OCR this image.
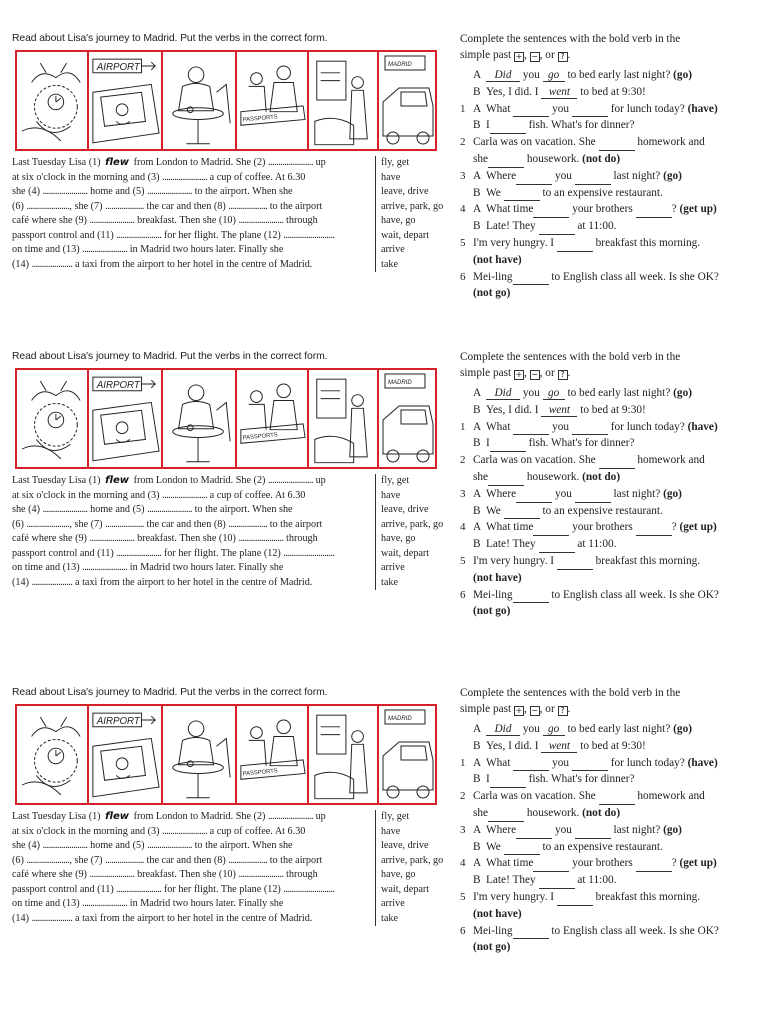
Read about Lisa's journey to Madrid. Put the verbs in the correct form.
AIRPORT
PASSPORTS
MADRID
Last Tuesday Lisa (1)
flew
from London to Madrid. She (2)
......................
up
at six o'clock in the morning and (3)
......................
a cup of coffee. At 6.30
she (4)
......................
home and (5)
......................
to the airport. When she
(6)
..................... , she (7)
...................
the car and then (8)
...................
to the airport
café where she (9)
......................
breakfast. Then she (10)
......................
through
passport control and (11)
......................
for her flight. The plane (12)
.........................
on time and (13)
......................
in Madrid two hours later. Finally she
(14)
....................
a taxi from the airport to her hotel in the centre of Madrid.
fly, get
have
leave, drive
arrive, park, go
have, go
wait, depart
arrive
take
Complete the sentences with the bold verb in the
simple past + , − , or ? .
A	Did you go to bed early last night? (go)
B Yes, I did. I went to bed at 9:30!
1 A What	you	for lunch today? (have)
B I	fish. What's for dinner?
2 Carla was on vacation. She	homework and
she	housework. (not do)
3 A Where	you	last night? (go)
B We	to an expensive restaurant.
4 A What time	your brothers	? (get up)
B Late! They	at 11:00.
5 I'm very hungry. I	breakfast this morning.
(not have)
6 Mei-ling	to English class all week. Is she OK?
(not go)
Read about Lisa's journey to Madrid. Put the verbs in the correct form.
AIRPORT
PASSPORTS
MADRID
Last Tuesday Lisa (1)
flew
from London to Madrid. She (2)
......................
up
at six o'clock in the morning and (3)
......................
a cup of coffee. At 6.30
she (4)
......................
home and (5)
......................
to the airport. When she
(6)
..................... , she (7)
...................
the car and then (8)
...................
to the airport
café where she (9)
......................
breakfast. Then she (10)
......................
through
passport control and (11)
......................
for her flight. The plane (12)
.........................
on time and (13)
......................
in Madrid two hours later. Finally she
(14)
....................
a taxi from the airport to her hotel in the centre of Madrid.
fly, get
have
leave, drive
arrive, park, go
have, go
wait, depart
arrive
take
Complete the sentences with the bold verb in the
simple past + , − , or ? .
A	Did you go to bed early last night? (go)
B Yes, I did. I went to bed at 9:30!
1 A What	you	for lunch today? (have)
B I	fish. What's for dinner?
2 Carla was on vacation. She	homework and
she	housework. (not do)
3 A Where	you	last night? (go)
B We	to an expensive restaurant.
4 A What time	your brothers	? (get up)
B Late! They	at 11:00.
5 I'm very hungry. I	breakfast this morning.
(not have)
6 Mei-ling	to English class all week. Is she OK?
(not go)
Read about Lisa's journey to Madrid. Put the verbs in the correct form.
AIRPORT
PASSPORTS
MADRID
Last Tuesday Lisa (1)
flew
from London to Madrid. She (2)
......................
up
at six o'clock in the morning and (3)
......................
a cup of coffee. At 6.30
she (4)
......................
home and (5)
......................
to the airport. When she
(6)
..................... , she (7)
...................
the car and then (8)
...................
to the airport
café where she (9)
......................
breakfast. Then she (10)
......................
through
passport control and (11)
......................
for her flight. The plane (12)
.........................
on time and (13)
......................
in Madrid two hours later. Finally she
(14)
....................
a taxi from the airport to her hotel in the centre of Madrid.
fly, get
have
leave, drive
arrive, park, go
have, go
wait, depart
arrive
take
Complete the sentences with the bold verb in the
simple past + , − , or ? .
A	Did you go to bed early last night? (go)
B Yes, I did. I went to bed at 9:30!
1 A What	you	for lunch today? (have)
B I	fish. What's for dinner?
2 Carla was on vacation. She	homework and
she	housework. (not do)
3 A Where	you	last night? (go)
B We	to an expensive restaurant.
4 A What time	your brothers	? (get up)
B Late! They	at 11:00.
5 I'm very hungry. I	breakfast this morning.
(not have)
6 Mei-ling	to English class all week. Is she OK?
(not go)
